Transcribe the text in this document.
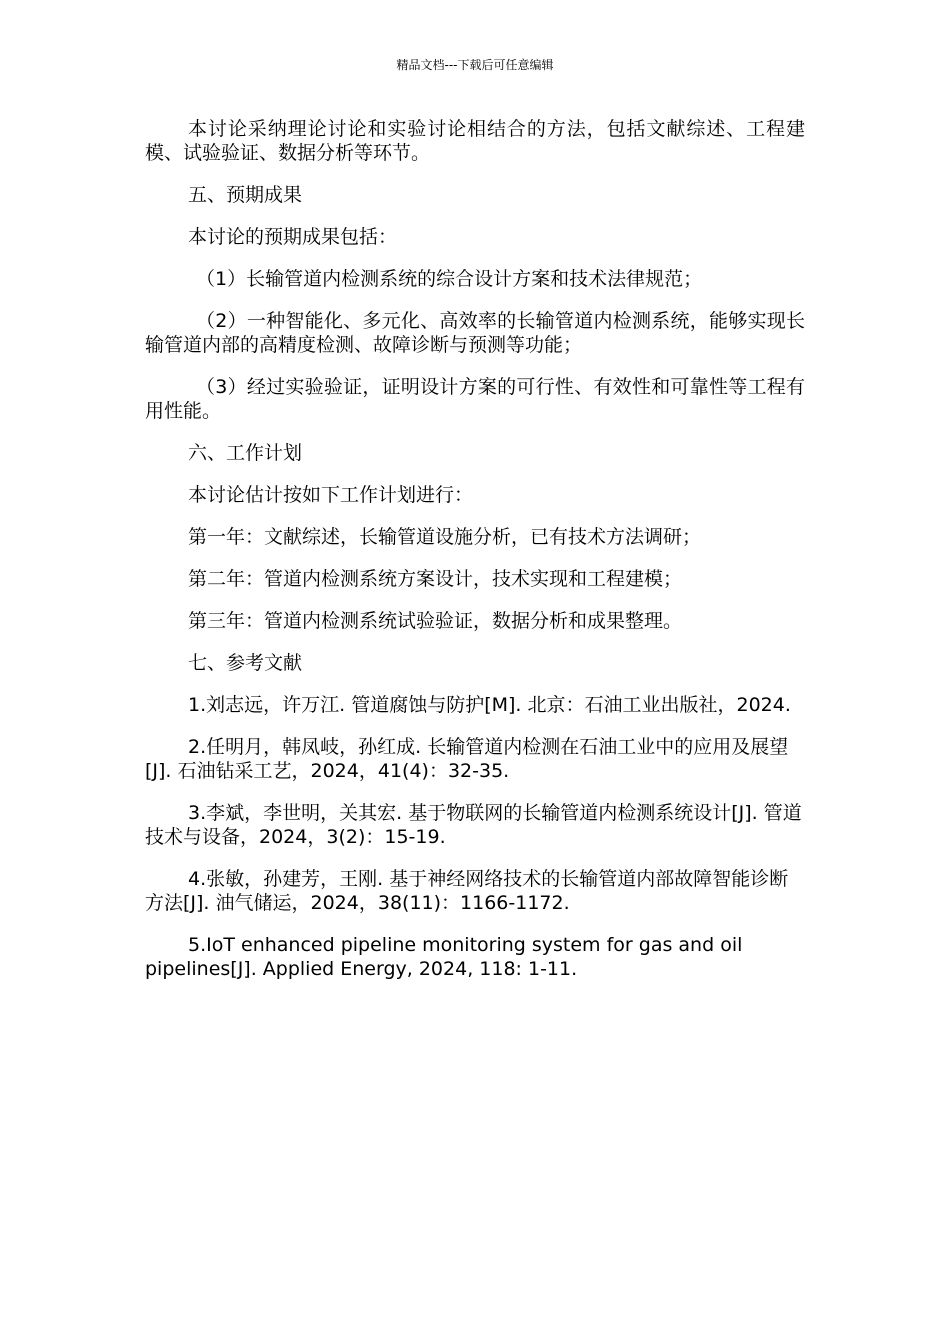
精品文档---下载后可任意编辑

本讨论采纳理论讨论和实验讨论相结合的方法，包括文献综述、工程建模、试验验证、数据分析等环节。

五、预期成果

本讨论的预期成果包括：

（1）长输管道内检测系统的综合设计方案和技术法律规范；

（2）一种智能化、多元化、高效率的长输管道内检测系统，能够实现长输管道内部的高精度检测、故障诊断与预测等功能；

（3）经过实验验证，证明设计方案的可行性、有效性和可靠性等工程有用性能。

六、工作计划

本讨论估计按如下工作计划进行：

第一年：文献综述，长输管道设施分析，已有技术方法调研；

第二年：管道内检测系统方案设计，技术实现和工程建模；

第三年：管道内检测系统试验验证，数据分析和成果整理。

七、参考文献

1.刘志远，许万江. 管道腐蚀与防护[M]. 北京：石油工业出版社，2024.

2.任明月，韩凤岐，孙红成. 长输管道内检测在石油工业中的应用及展望[J]. 石油钻采工艺，2024，41(4)：32-35.

3.李斌，李世明，关其宏. 基于物联网的长输管道内检测系统设计[J]. 管道技术与设备，2024，3(2)：15-19.

4.张敏，孙建芳，王刚. 基于神经网络技术的长输管道内部故障智能诊断方法[J]. 油气储运，2024，38(11)：1166-1172.

5.IoT enhanced pipeline monitoring system for gas and oil pipelines[J]. Applied Energy, 2024, 118: 1-11.
